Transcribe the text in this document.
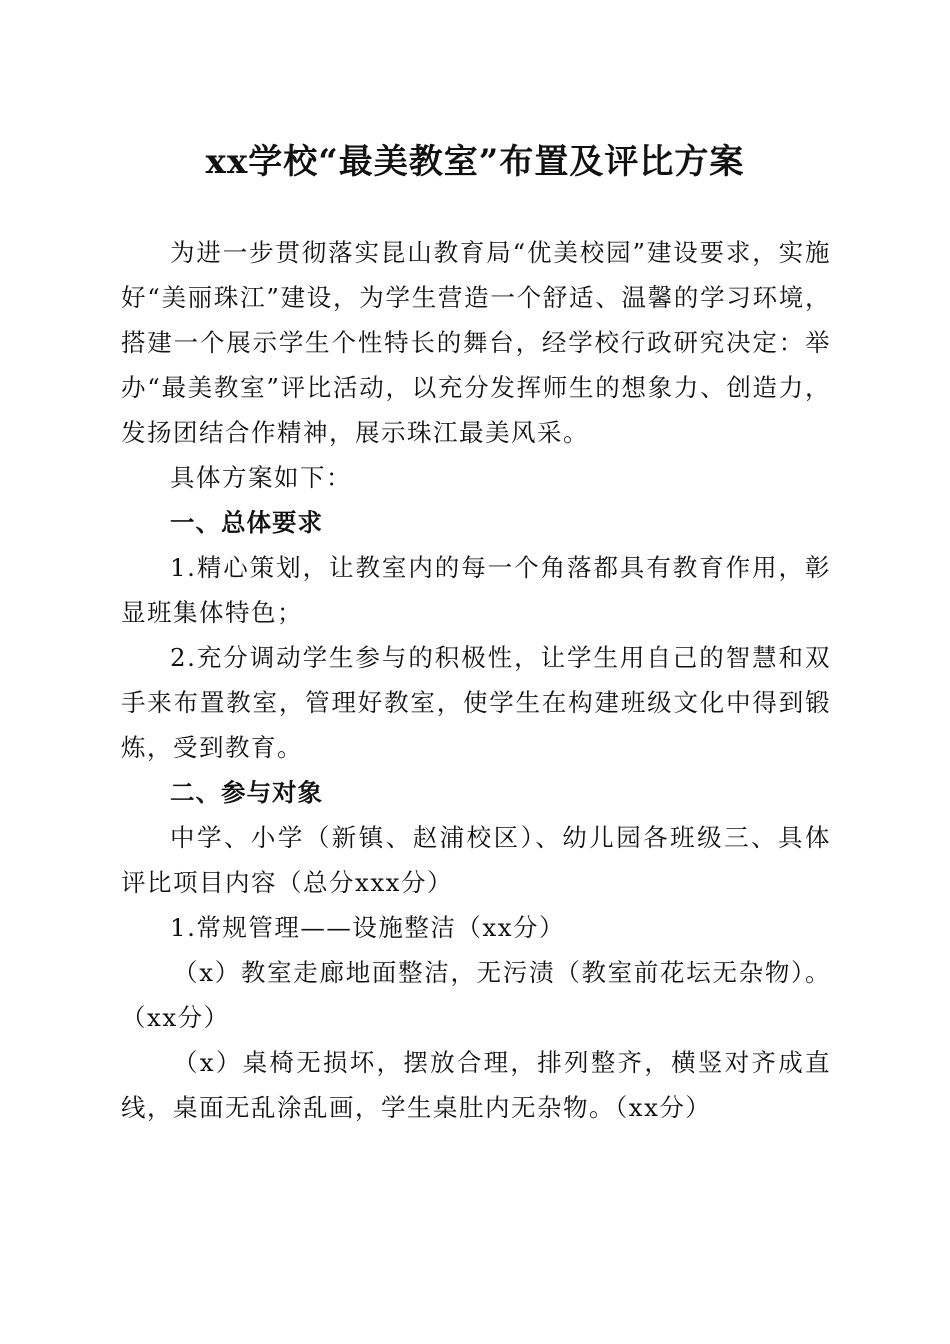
xx学校“最美教室”布置及评比方案

为进一步贯彻落实昆山教育局“优美校园”建设要求，实施好“美丽珠江”建设，为学生营造一个舒适、温馨的学习环境，搭建一个展示学生个性特长的舞台，经学校行政研究决定：举办“最美教室”评比活动，以充分发挥师生的想象力、创造力，发扬团结合作精神，展示珠江最美风采。

具体方案如下：

一、总体要求

1.精心策划，让教室内的每一个角落都具有教育作用，彰显班集体特色；

2.充分调动学生参与的积极性，让学生用自己的智慧和双手来布置教室，管理好教室，使学生在构建班级文化中得到锻炼，受到教育。

二、参与对象

中学、小学（新镇、赵浦校区）、幼儿园各班级三、具体评比项目内容（总分xxx分）

1.常规管理——设施整洁（xx分）

（x）教室走廊地面整洁，无污渍（教室前花坛无杂物）。（xx分）

（x）桌椅无损坏，摆放合理，排列整齐，横竖对齐成直线，桌面无乱涂乱画，学生桌肚内无杂物。（xx分）
